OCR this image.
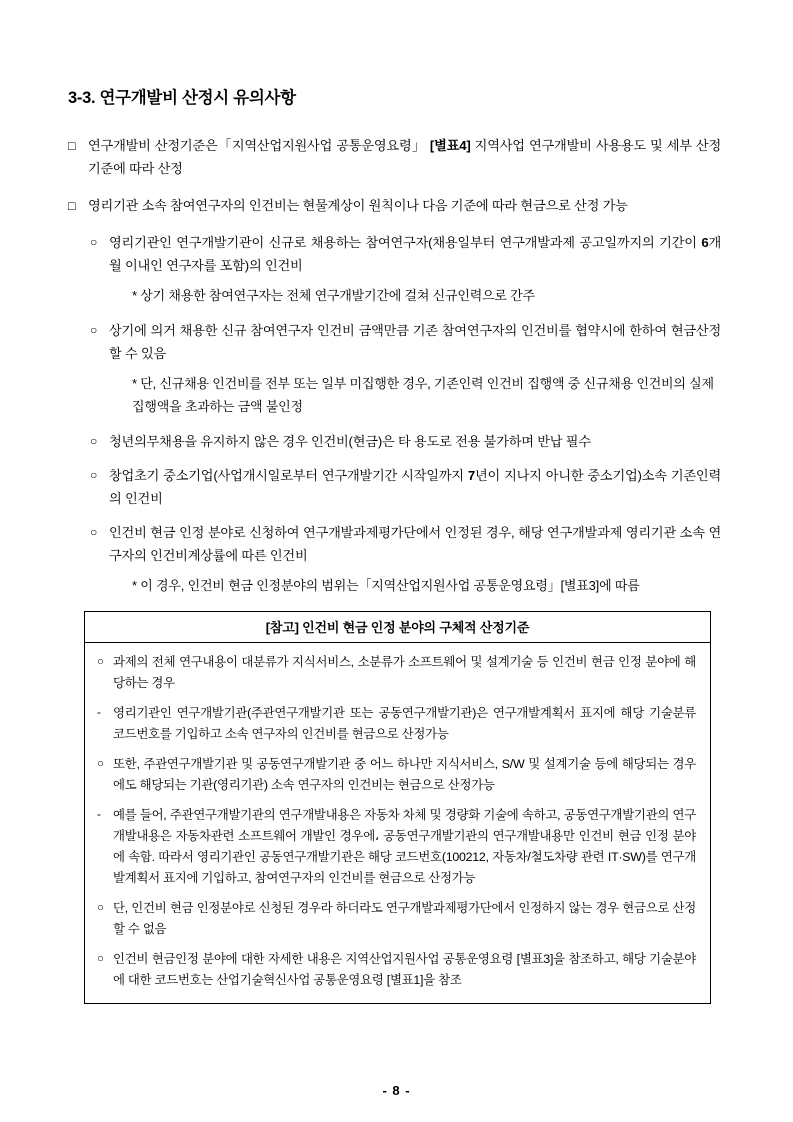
3-3. 연구개발비 산정시 유의사항
□ 연구개발비 산정기준은「지역산업지원사업 공통운영요령」 [별표4] 지역사업 연구개발비 사용용도 및 세부 산정기준에 따라 산정
□ 영리기관 소속 참여연구자의 인건비는 현물계상이 원칙이나 다음 기준에 따라 현금으로 산정 가능
○ 영리기관인 연구개발기관이 신규로 채용하는 참여연구자(채용일부터 연구개발과제 공고일까지의 기간이 6개월 이내인 연구자를 포함)의 인건비
* 상기 채용한 참여연구자는 전체 연구개발기간에 걸쳐 신규인력으로 간주
○ 상기에 의거 채용한 신규 참여연구자 인건비 금액만큼 기존 참여연구자의 인건비를 협약시에 한하여 현금산정할 수 있음
* 단, 신규채용 인건비를 전부 또는 일부 미집행한 경우, 기존인력 인건비 집행액 중 신규채용 인건비의 실제 집행액을 초과하는 금액 불인정
○ 청년의무채용을 유지하지 않은 경우 인건비(현금)은 타 용도로 전용 불가하며 반납 필수
○ 창업초기 중소기업(사업개시일로부터 연구개발기간 시작일까지 7년이 지나지 아니한 중소기업)소속 기존인력의 인건비
○ 인건비 현금 인정 분야로 신청하여 연구개발과제평가단에서 인정된 경우, 해당 연구개발과제 영리기관 소속 연구자의 인건비계상률에 따른 인건비
* 이 경우, 인건비 현금 인정분야의 범위는「지역산업지원사업 공통운영요령」[별표3]에 따름
[참고] 인건비 현금 인정 분야의 구체적 산정기준
○ 과제의 전체 연구내용이 대분류가 지식서비스, 소분류가 소프트웨어 및 설계기술 등 인건비 현금 인정 분야에 해당하는 경우
- 영리기관인 연구개발기관(주관연구개발기관 또는 공동연구개발기관)은 연구개발계획서 표지에 해당 기술분류 코드번호를 기입하고 소속 연구자의 인건비를 현금으로 산정가능
○ 또한, 주관연구개발기관 및 공동연구개발기관 중 어느 하나만 지식서비스, S/W 및 설계기술 등에 해당되는 경우에도 해당되는 기관(영리기관) 소속 연구자의 인건비는 현금으로 산정가능
- 예를 들어, 주관연구개발기관의 연구개발내용은 자동차 차체 및 경량화 기술에 속하고, 공동연구개발기관의 연구개발내용은 자동차관련 소프트웨어 개발인 경우에، 공동연구개발기관의 연구개발내용만 인건비 현금 인정 분야에 속함. 따라서 영리기관인 공동연구개발기관은 해당 코드번호(100212, 자동차/철도차량 관련 IT·SW)를 연구개발계획서 표지에 기입하고, 참여연구자의 인건비를 현금으로 산정가능
○ 단, 인건비 현금 인정분야로 신청된 경우라 하더라도 연구개발과제평가단에서 인정하지 않는 경우 현금으로 산정할 수 없음
○ 인건비 현금인정 분야에 대한 자세한 내용은 지역산업지원사업 공통운영요령 [별표3]을 참조하고, 해당 기술분야에 대한 코드번호는 산업기술혁신사업 공통운영요령 [별표1]을 참조
- 8 -
